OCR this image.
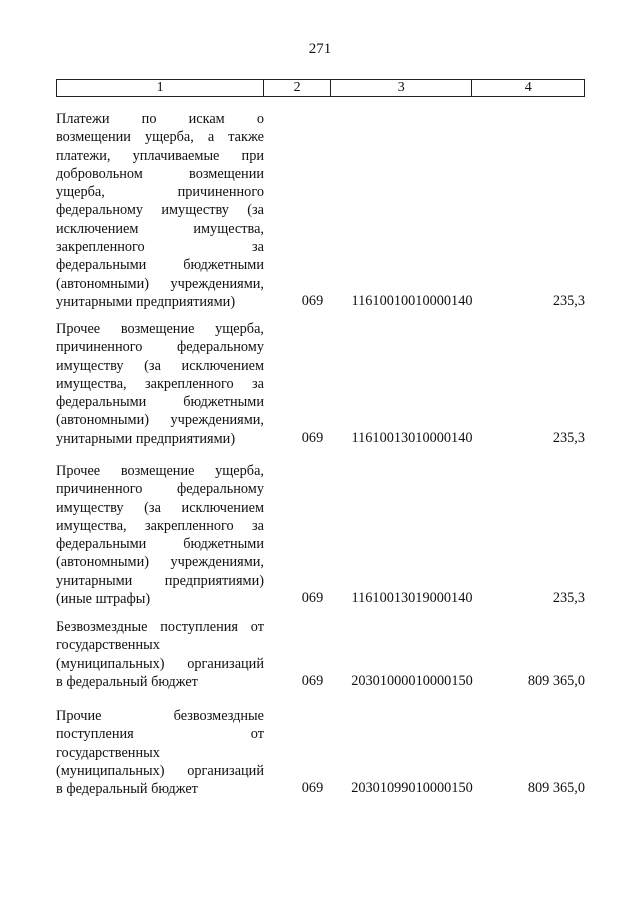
271
1	2	3	4
Платежи по искам о
возмещении ущерба, а также
платежи, уплачиваемые при
добровольном возмещении
ущерба, причиненного
федеральному имуществу (за
исключением имущества,
закрепленного за
федеральными бюджетными
(автономными) учреждениями,
унитарными предприятиями)	069	11610010010000140	235,3
Прочее возмещение ущерба,
причиненного федеральному
имуществу (за исключением
имущества, закрепленного за
федеральными бюджетными
(автономными) учреждениями,
унитарными предприятиями)	069	11610013010000140	235,3
Прочее возмещение ущерба,
причиненного федеральному
имуществу (за исключением
имущества, закрепленного за
федеральными бюджетными
(автономными) учреждениями,
унитарными предприятиями)
(иные штрафы)	069	11610013019000140	235,3
Безвозмездные поступления от
государственных
(муниципальных) организаций
в федеральный бюджет	069	20301000010000150	809 365,0
Прочие безвозмездные
поступления от
государственных
(муниципальных) организаций
в федеральный бюджет	069	20301099010000150	809 365,0
